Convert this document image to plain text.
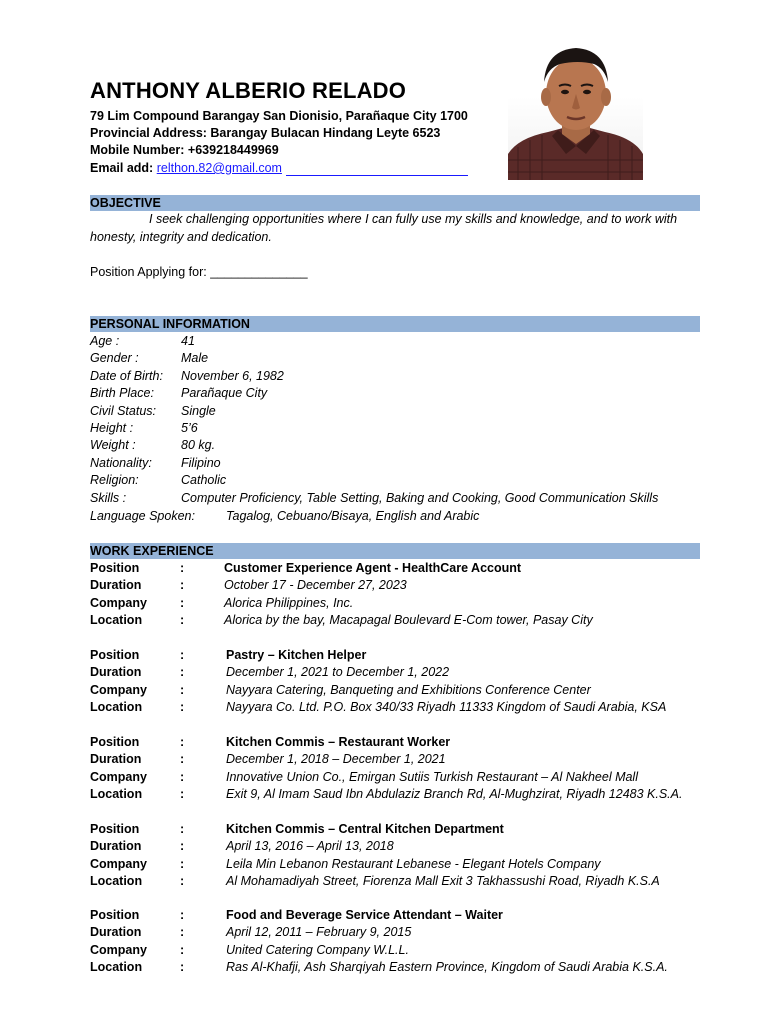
ANTHONY ALBERIO RELADO
79 Lim Compound Barangay San Dionisio, Parañaque City 1700
Provincial Address: Barangay Bulacan Hindang Leyte 6523
Mobile Number: +639218449969
Email add: relthon.82@gmail.com
OBJECTIVE
I seek challenging opportunities where I can fully use my skills and knowledge, and to work with
honesty, integrity and dedication.
Position Applying for: ______________
PERSONAL INFORMATION
Age :	41
Gender :	Male
Date of Birth: November 6, 1982
Birth Place: Parañaque City
Civil Status: Single
Height :	5’6
Weight :	80 kg.
Nationality: Filipino
Religion:	Catholic
Skills :	Computer Proficiency, Table Setting, Baking and Cooking, Good Communication Skills
Language Spoken: Tagalog, Cebuano/Bisaya, English and Arabic
WORK EXPERIENCE
Position	:	Customer Experience Agent - HealthCare Account
Duration	:	October 17 - December 27, 2023
Company	:	Alorica Philippines, Inc.
Location	:	Alorica by the bay, Macapagal Boulevard E-Com tower, Pasay City
Position	:	Pastry – Kitchen Helper
Duration	:	December 1, 2021 to December 1, 2022
Company	:	Nayyara Catering, Banqueting and Exhibitions Conference Center
Location	:	Nayyara Co. Ltd. P.O. Box 340/33 Riyadh 11333 Kingdom of Saudi Arabia, KSA
Position	:	Kitchen Commis – Restaurant Worker
Duration	:	December 1, 2018 – December 1, 2021
Company	:	Innovative Union Co., Emirgan Sutiis Turkish Restaurant – Al Nakheel Mall
Location	:	Exit 9, Al Imam Saud Ibn Abdulaziz Branch Rd, Al-Mughzirat, Riyadh 12483 K.S.A.
Position	:	Kitchen Commis – Central Kitchen Department
Duration	:	April 13, 2016 – April 13, 2018
Company	:	Leila Min Lebanon Restaurant Lebanese - Elegant Hotels Company
Location	:	Al Mohamadiyah Street, Fiorenza Mall Exit 3 Takhassushi Road, Riyadh K.S.A
Position	:	Food and Beverage Service Attendant – Waiter
Duration	:	April 12, 2011 – February 9, 2015
Company	:	United Catering Company W.L.L.
Location	:	Ras Al-Khafji, Ash Sharqiyah Eastern Province, Kingdom of Saudi Arabia K.S.A.
